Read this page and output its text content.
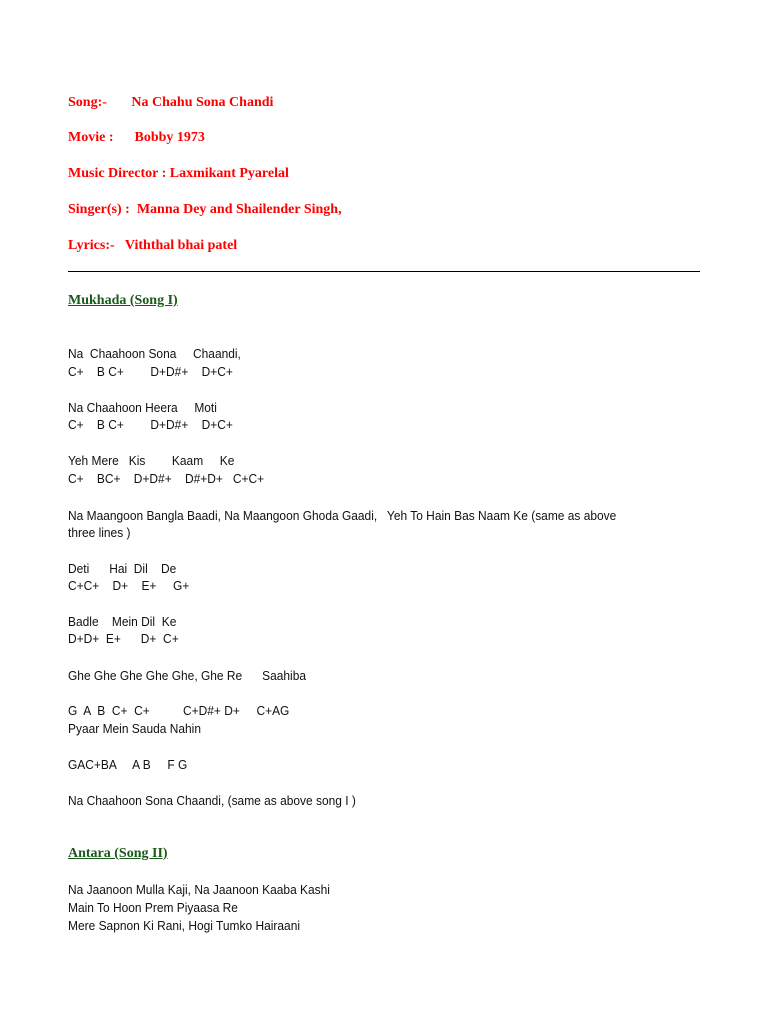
Song:-       Na Chahu Sona Chandi
Movie :      Bobby 1973
Music Director : Laxmikant Pyarelal
Singer(s) :  Manna Dey and Shailender Singh,
Lyrics:-   Viththal bhai patel
Mukhada (Song I)
Na  Chaahoon Sona     Chaandi,
C+    B C+        D+D#+    D+C+
Na Chaahoon Heera     Moti
C+    B C+        D+D#+    D+C+
Yeh Mere   Kis        Kaam     Ke
C+    BC+    D+D#+    D#+D+   C+C+
Na Maangoon Bangla Baadi, Na Maangoon Ghoda Gaadi,   Yeh To Hain Bas Naam Ke (same as above
three lines )
Deti      Hai  Dil    De
C+C+    D+    E+     G+
Badle    Mein Dil  Ke
D+D+  E+      D+  C+
Ghe Ghe Ghe Ghe Ghe, Ghe Re      Saahiba
G  A  B  C+  C+          C+D#+ D+     C+AG
Pyaar Mein Sauda Nahin
GAC+BA     A B     F G
Na Chaahoon Sona Chaandi, (same as above song I )
Antara (Song II)
Na Jaanoon Mulla Kaji, Na Jaanoon Kaaba Kashi
Main To Hoon Prem Piyaasa Re
Mere Sapnon Ki Rani, Hogi Tumko Hairaani
